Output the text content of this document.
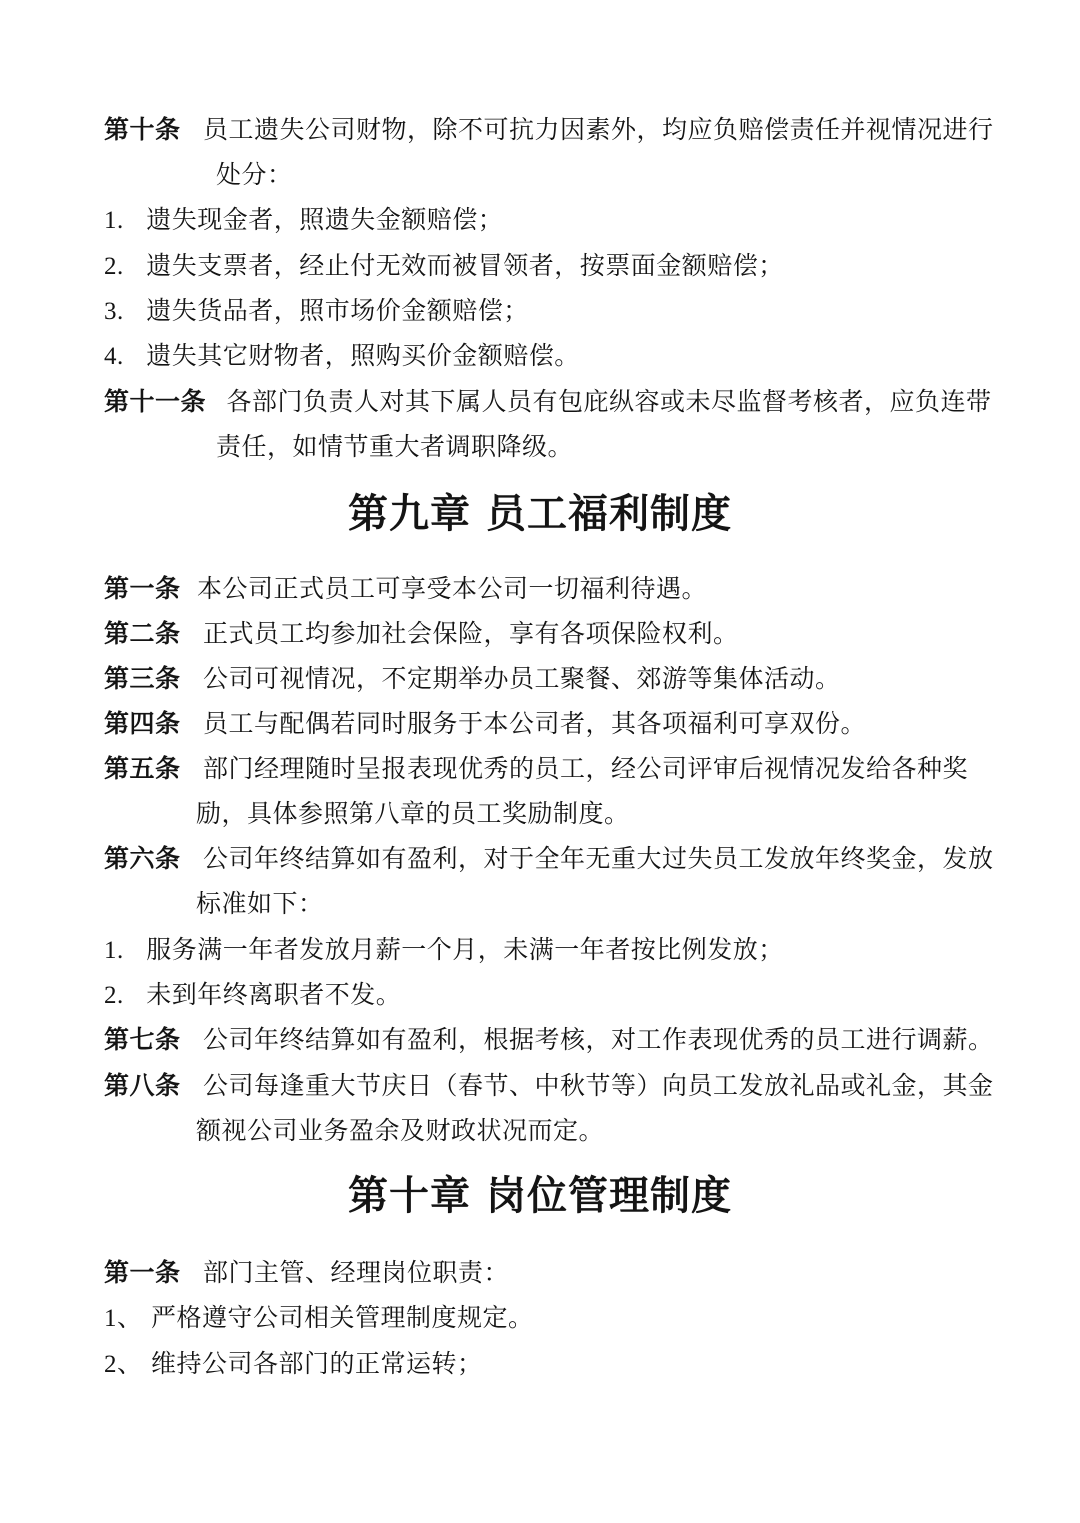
第十条 员工遗失公司财物，除不可抗力因素外，均应负赔偿责任并视情况进行
处分：
1. 遗失现金者，照遗失金额赔偿；
2. 遗失支票者，经止付无效而被冒领者，按票面金额赔偿；
3. 遗失货品者，照市场价金额赔偿；
4. 遗失其它财物者，照购买价金额赔偿。
第十一条 各部门负责人对其下属人员有包庇纵容或未尽监督考核者，应负连带
责任，如情节重大者调职降级。
第九章 员工福利制度
第一条 本公司正式员工可享受本公司一切福利待遇。
第二条 正式员工均参加社会保险，享有各项保险权利。
第三条 公司可视情况，不定期举办员工聚餐、郊游等集体活动。
第四条 员工与配偶若同时服务于本公司者，其各项福利可享双份。
第五条 部门经理随时呈报表现优秀的员工，经公司评审后视情况发给各种奖
励，具体参照第八章的员工奖励制度。
第六条 公司年终结算如有盈利，对于全年无重大过失员工发放年终奖金，发放
标准如下：
1. 服务满一年者发放月薪一个月，未满一年者按比例发放；
2. 未到年终离职者不发。
第七条 公司年终结算如有盈利，根据考核，对工作表现优秀的员工进行调薪。
第八条 公司每逢重大节庆日（春节、中秋节等）向员工发放礼品或礼金，其金
额视公司业务盈余及财政状况而定。
第十章 岗位管理制度
第一条 部门主管、经理岗位职责：
1、 严格遵守公司相关管理制度规定。
2、 维持公司各部门的正常运转；
